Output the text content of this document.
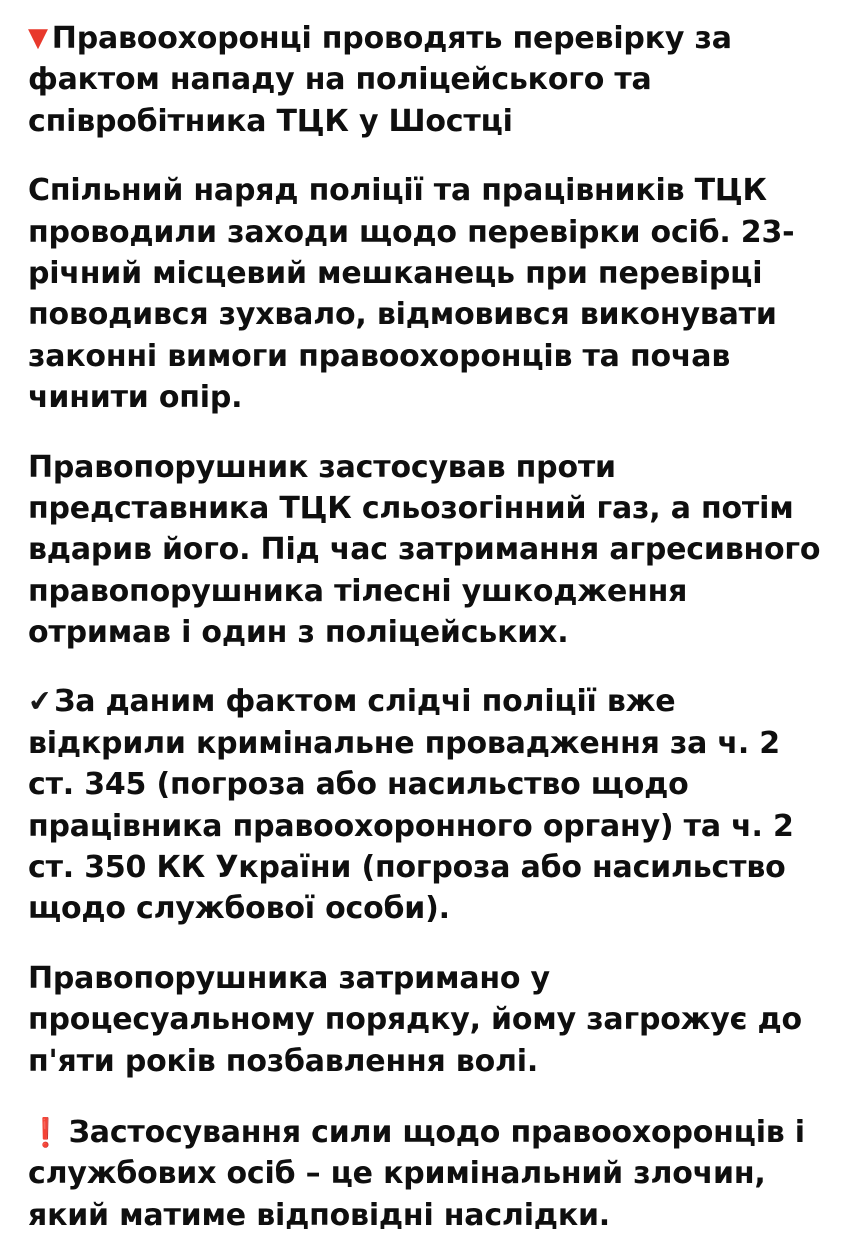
▼ Правоохоронці проводять перевірку за фактом нападу на поліцейського та співробітника ТЦК у Шостці

Спільний наряд поліції та працівників ТЦК проводили заходи щодо перевірки осіб. 23-річний місцевий мешканець при перевірці поводився зухвало, відмовився виконувати законні вимоги правоохоронців та почав чинити опір.

Правопорушник застосував проти представника ТЦК сльозогінний газ, а потім вдарив його. Під час затримання агресивного правопорушника тілесні ушкодження отримав і один з поліцейських.

✔За даним фактом слідчі поліції вже відкрили кримінальне провадження за ч. 2 ст. 345 (погроза або насильство щодо працівника правоохоронного органу) та ч. 2 ст. 350 КК України (погроза або насильство щодо службової особи).

Правопорушника затримано у процесуальному порядку, йому загрожує до п'яти років позбавлення волі.

❗ Застосування сили щодо правоохоронців і службових осіб – це кримінальний злочин, який матиме відповідні наслідки.
